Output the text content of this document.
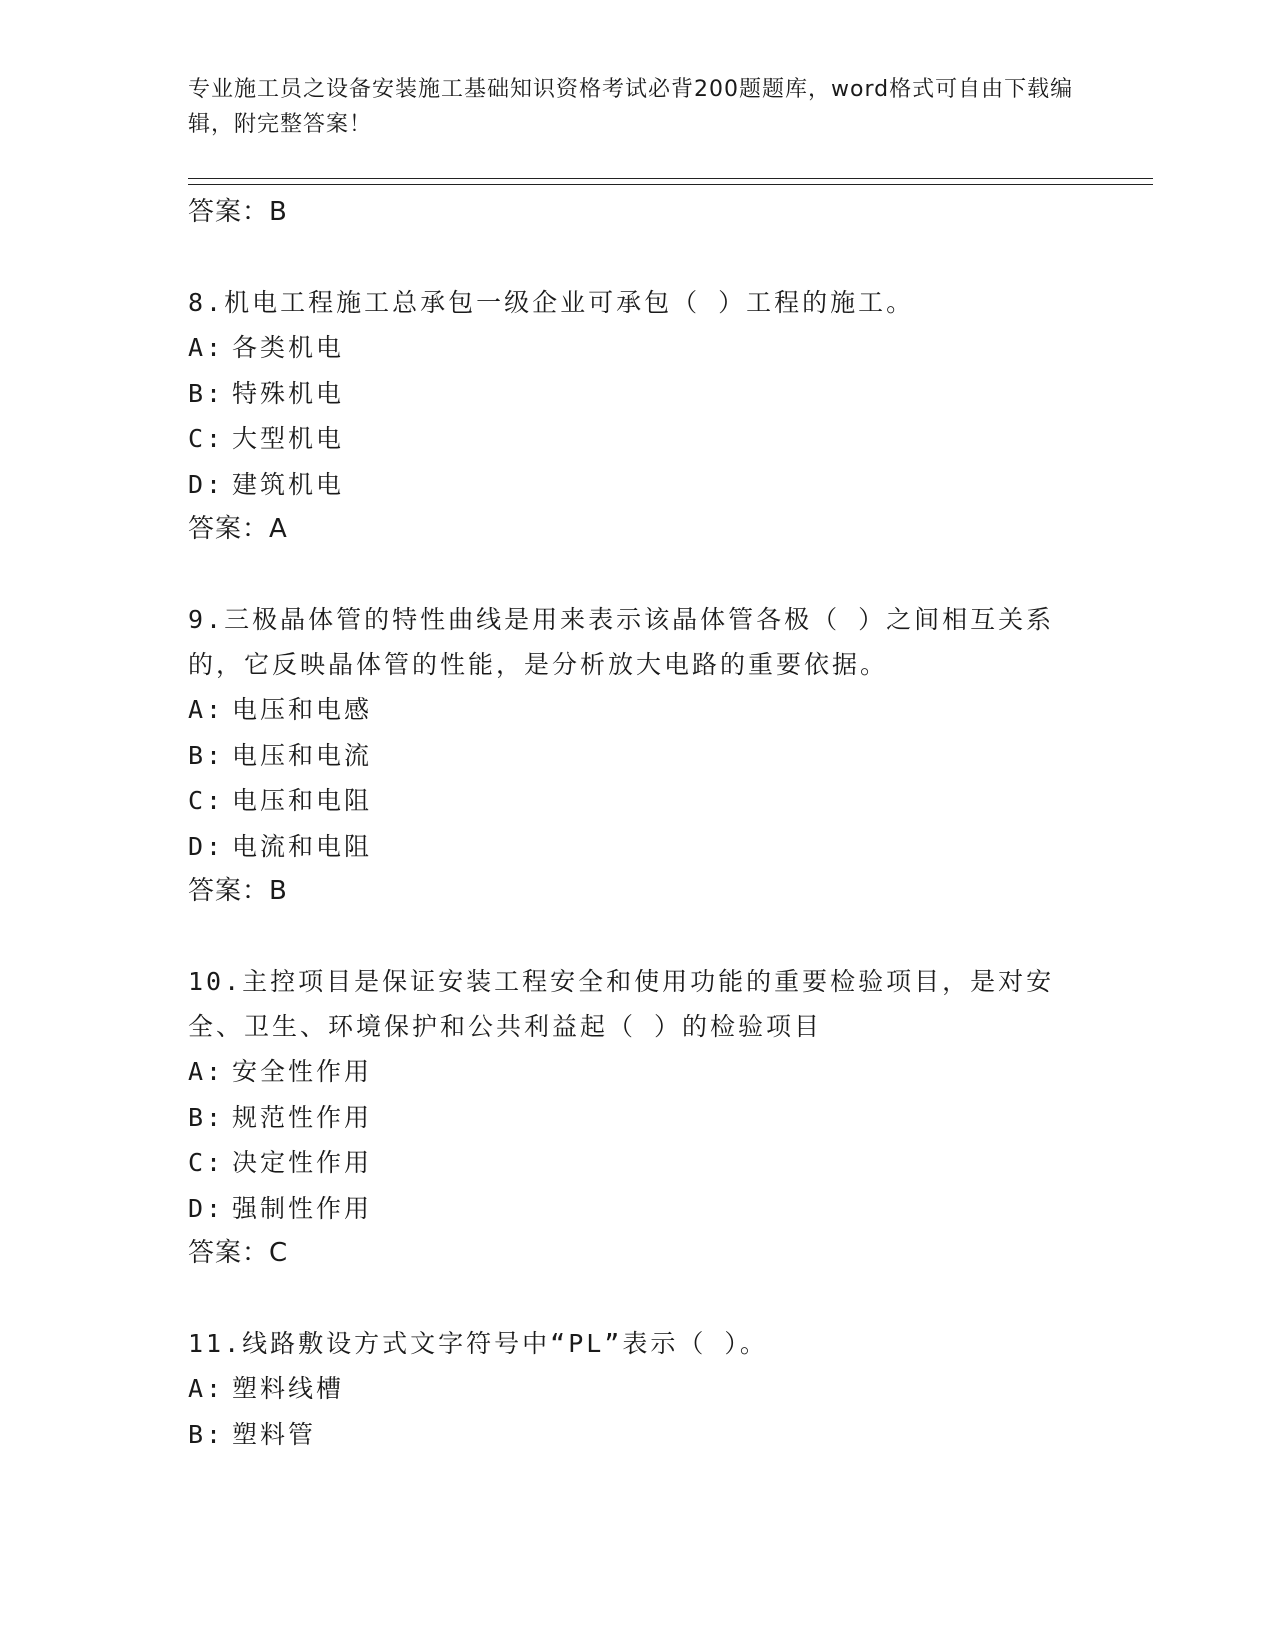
专业施工员之设备安装施工基础知识资格考试必背200题题库，word格式可自由下载编辑，附完整答案！
答案：B
8.机电工程施工总承包一级企业可承包（ ）工程的施工。
A: 各类机电
B: 特殊机电
C: 大型机电
D: 建筑机电
答案：A
9.三极晶体管的特性曲线是用来表示该晶体管各极（ ）之间相互关系的，它反映晶体管的性能，是分析放大电路的重要依据。
A: 电压和电感
B: 电压和电流
C: 电压和电阻
D: 电流和电阻
答案：B
10.主控项目是保证安装工程安全和使用功能的重要检验项目，是对安全、卫生、环境保护和公共利益起（ ）的检验项目
A: 安全性作用
B: 规范性作用
C: 决定性作用
D: 强制性作用
答案：C
11.线路敷设方式文字符号中“PL”表示（ ）。
A: 塑料线槽
B: 塑料管
